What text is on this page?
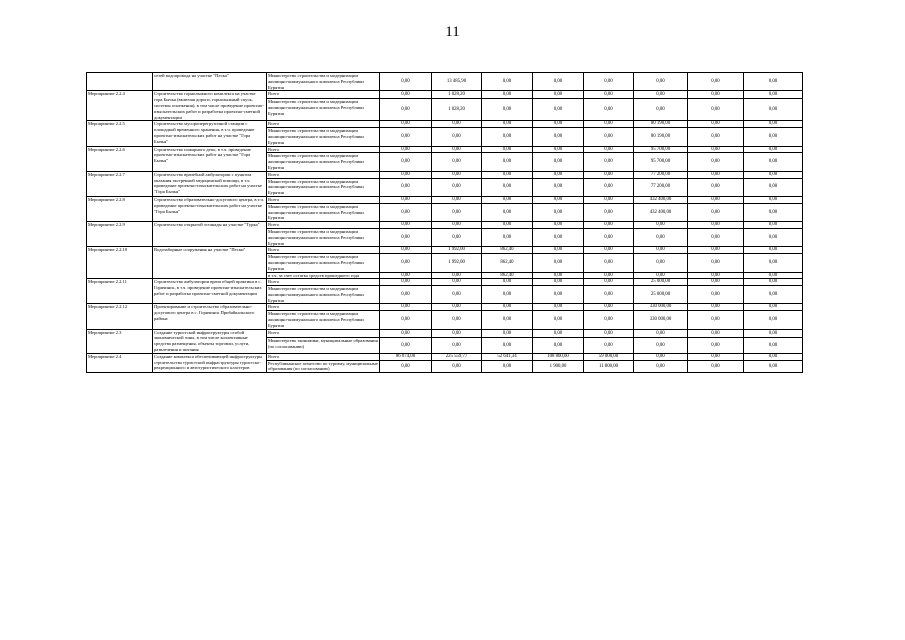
11
	сетей водопровода на участке "Песка"	Министерство строительства и модернизации жилищно-коммунального комплекса Республики Бурятия	0,00	13 485,90	0,00	0,00	0,00	0,00	0,00	0,00
Мероприятие 2.2.4	Строительство горнолыжного комплекса на участке гора Бычья (включая дороги, горнолыжный спуск, системы оснежения), в том числе проведение проектно-изыскательских работ и разработка проектно-сметной документации	Всего	0,00	1 028,20	0,00	0,00	0,00	0,00	0,00	0,00
		Министерство строительства и модернизации жилищно-коммунального комплекса Республики Бурятия	0,00	1 028,20	0,00	0,00	0,00	0,00	0,00	0,00
Мероприятие 2.2.5	Строительство мусороперегрузочной станции с площадкой временного хранения, в т.ч. проведение проектно-изыскательских работ на участке "Гора Бычья"	Всего	0,00	0,00	0,00	0,00	0,00	80 190,00	0,00	0,00
		Министерство строительства и модернизации жилищно-коммунального комплекса Республики Бурятия	0,00	0,00	0,00	0,00	0,00	80 190,00	0,00	0,00
Мероприятие 2.2.6	Строительство пожарного депо, в т.ч. проведение проектно-изыскательских работ на участке "Гора Бычья"	Всего	0,00	0,00	0,00	0,00	0,00	95 700,00	0,00	0,00
		Министерство строительства и модернизации жилищно-коммунального комплекса Республики Бурятия	0,00	0,00	0,00	0,00	0,00	95 700,00	0,00	0,00
Мероприятие 2.2.7	Строительство врачебной амбулатории с пунктом оказания экстренной медицинской помощи, в т.ч. проведение проектно-изыскательских работ на участке "Гора Бычья"	Всего	0,00	0,00	0,00	0,00	0,00	77 200,00	0,00	0,00
		Министерство строительства и модернизации жилищно-коммунального комплекса Республики Бурятия	0,00	0,00	0,00	0,00	0,00	77 200,00	0,00	0,00
Мероприятие 2.2.8	Строительство образовательно-досугового центра, в т.ч. проведение проектно-изыскательских работ на участке "Гора Бычья"	Всего	0,00	0,00	0,00	0,00	0,00	432 400,00	0,00	0,00
		Министерство строительства и модернизации жилищно-коммунального комплекса Республики Бурятия	0,00	0,00	0,00	0,00	0,00	432 400,00	0,00	0,00
Мероприятие 2.2.9	Строительство открытой эстакады на участке "Турка"	Всего	0,00	0,00	0,00	0,00	0,00	0,00	0,00	0,00
		Министерство строительства и модернизации жилищно-коммунального комплекса Республики Бурятия	0,00	0,00	0,00	0,00	0,00	0,00	0,00	0,00
Мероприятие 2.2.10	Водозаборные сооружения на участке "Пески"	Всего	0,00	1 992,00	862,40	0,00	0,00	0,00	0,00	0,00
		Министерство строительства и модернизации жилищно-коммунального комплекса Республики Бурятия	0,00	1 992,00	862,40	0,00	0,00	0,00	0,00	0,00
		в т.ч. за счет остатка средств прошедшего года	0,00	0,00	862,40	0,00	0,00	0,00	0,00	0,00
Мероприятие 2.2.11	Строительство амбулатории врача общей практики в с. Горячинск, в т.ч. проведение проектно-изыскательских работ и разработка проектно-сметной документации	Всего	0,00	0,00	0,00	0,00	0,00	25 000,00	0,00	0,00
		Министерство строительства и модернизации жилищно-коммунального комплекса Республики Бурятия	0,00	0,00	0,00	0,00	0,00	25 000,00	0,00	0,00
Мероприятие 2.2.12	Проектирование и строительство образовательно-досугового центра в с. Горячинск Прибайкальского района	Всего	0,00	0,00	0,00	0,00	0,00	330 000,00	0,00	0,00
		Министерство строительства и модернизации жилищно-коммунального комплекса Республики Бурятия	0,00	0,00	0,00	0,00	0,00	330 000,00	0,00	0,00
Мероприятие 2.3	Создание туристской инфраструктуры особой экономической зоны, в том числе коллективные средства размещения, объекты торговли, услуги, развлечения и питания	Всего	0,00	0,00	0,00	0,00	0,00	0,00	0,00	0,00
		Министерство экономики, муниципальные образования (по согласованию)	0,00	0,00	0,00	0,00	0,00	0,00	0,00	0,00
Мероприятие 2.4	Создание комплекса обеспечивающей инфраструктуры строительства туристской инфраструктуры туристско-рекреационного и автотуристического кластеров	Всего	86 074,00	225 559,77	52 641,34	108 800,00	59 000,00	0,00	0,00	0,00
		Республиканское агентство по туризму, муниципальные образования (по согласованию)	0,00	0,00	0,00	1 900,00	11 800,00	0,00	0,00	0,00
